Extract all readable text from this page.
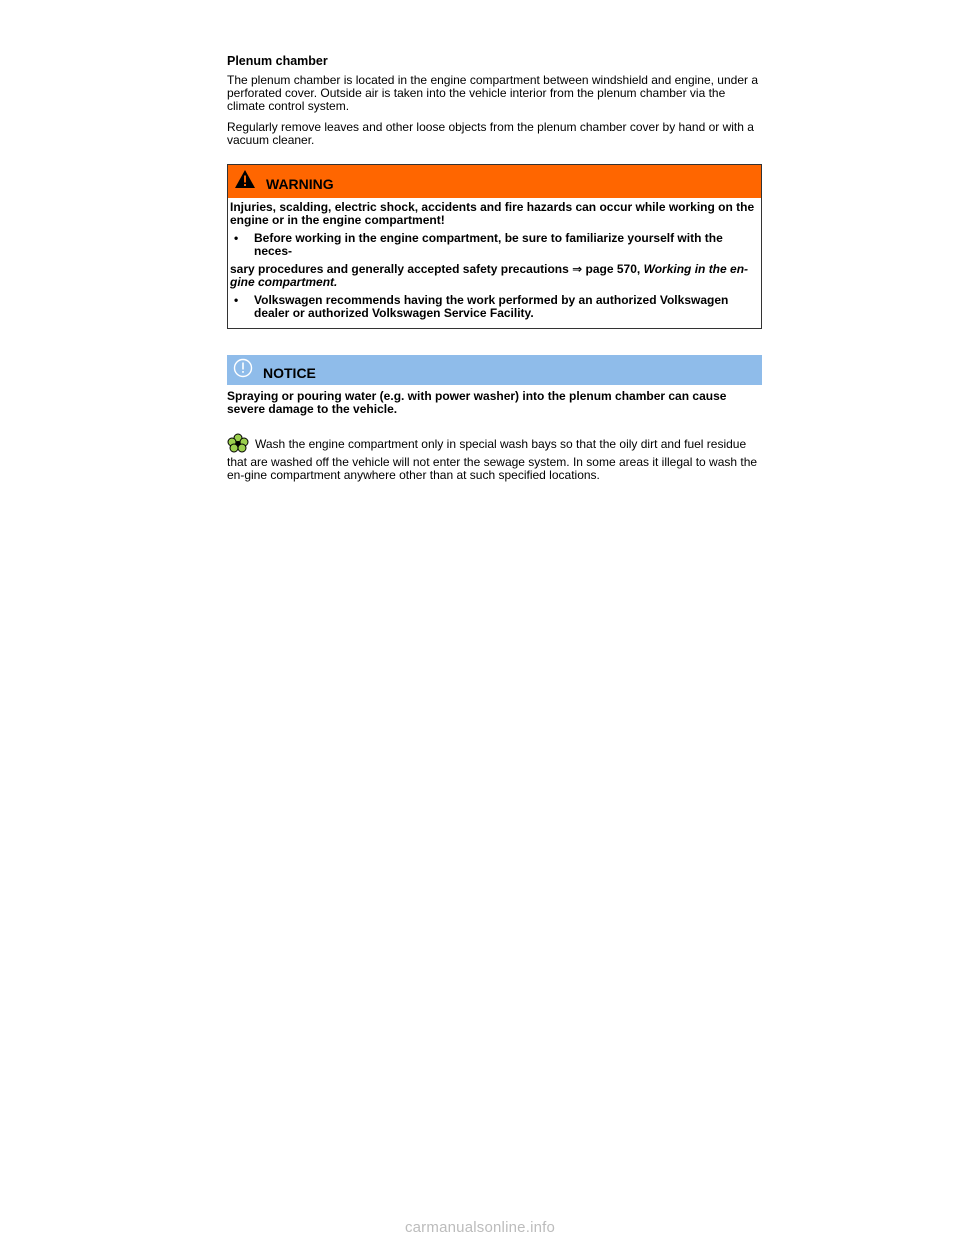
Plenum chamber

The plenum chamber is located in the engine compartment between windshield and engine, under a perforated cover. Outside air is taken into the vehicle interior from the plenum chamber via the climate control system.

Regularly remove leaves and other loose objects from the plenum chamber cover by hand or with a vacuum cleaner.

WARNING

Injuries, scalding, electric shock, accidents and fire hazards can occur while working on the engine or in the engine compartment!

•	Before working in the engine compartment, be sure to familiarize yourself with the neces-

sary procedures and generally accepted safety precautions ⇒ page 570, Working in the en-gine compartment.

•	Volkswagen recommends having the work performed by an authorized Volkswagen dealer or authorized Volkswagen Service Facility.
NOTICE

Spraying or pouring water (e.g. with power washer) into the plenum chamber can cause severe damage to the vehicle.

Wash the engine compartment only in special wash bays so that the oily dirt and fuel residue that are washed off the vehicle will not enter the sewage system. In some areas it illegal to wash the en-gine compartment anywhere other than at such specified locations.

carmanualsonline.info
